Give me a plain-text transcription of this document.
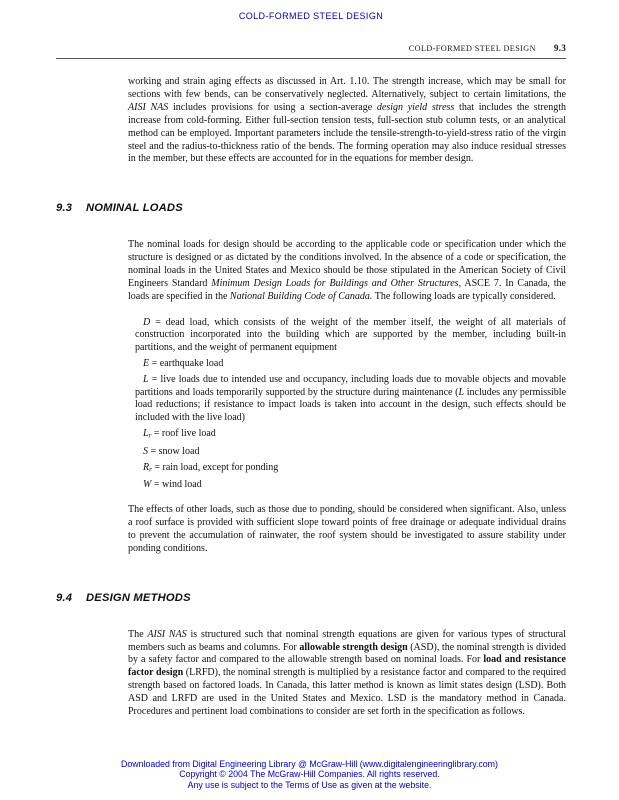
COLD-FORMED STEEL DESIGN
COLD-FORMED STEEL DESIGN 9.3

working and strain aging effects as discussed in Art. 1.10. The strength increase, which may be small for sections with few bends, can be conservatively neglected. Alternatively, subject to certain limitations, the AISI NAS includes provisions for using a section-average design yield stress that includes the strength increase from cold-forming. Either full-section tension tests, full-section stub column tests, or an analytical method can be employed. Important parameters include the tensile-strength-to-yield-stress ratio of the virgin steel and the radius-to-thickness ratio of the bends. The forming operation may also induce residual stresses in the member, but these effects are accounted for in the equations for member design.

9.3	NOMINAL LOADS

The nominal loads for design should be according to the applicable code or specification under which the structure is designed or as dictated by the conditions involved. In the absence of a code or specification, the nominal loads in the United States and Mexico should be those stipulated in the American Society of Civil Engineers Standard Minimum Design Loads for Buildings and Other Structures, ASCE 7. In Canada, the loads are specified in the National Building Code of Canada. The following loads are typically considered.

D = dead load, which consists of the weight of the member itself, the weight of all materials of construction incorporated into the building which are supported by the member, including built-in partitions, and the weight of permanent equipment

E = earthquake load

L = live loads due to intended use and occupancy, including loads due to movable objects and movable partitions and loads temporarily supported by the structure during maintenance (L includes any permissible load reductions; if resistance to impact loads is taken into account in the design, such effects should be included with the live load)

Lr = roof live load

S = snow load

Rr = rain load, except for ponding

W = wind load

The effects of other loads, such as those due to ponding, should be considered when significant. Also, unless a roof surface is provided with sufficient slope toward points of free drainage or adequate individual drains to prevent the accumulation of rainwater, the roof system should be investigated to assure stability under ponding conditions.

9.4	DESIGN METHODS

The AISI NAS is structured such that nominal strength equations are given for various types of structural members such as beams and columns. For allowable strength design (ASD), the nominal strength is divided by a safety factor and compared to the allowable strength based on nominal loads. For load and resistance factor design (LRFD), the nominal strength is multiplied by a resistance factor and compared to the required strength based on factored loads. In Canada, this latter method is known as limit states design (LSD). Both ASD and LRFD are used in the United States and Mexico. LSD is the mandatory method in Canada. Procedures and pertinent load combinations to consider are set forth in the specification as follows.

Downloaded from Digital Engineering Library @ McGraw-Hill (www.digitalengineeringlibrary.com)
Copyright © 2004 The McGraw-Hill Companies. All rights reserved.
Any use is subject to the Terms of Use as given at the website.
